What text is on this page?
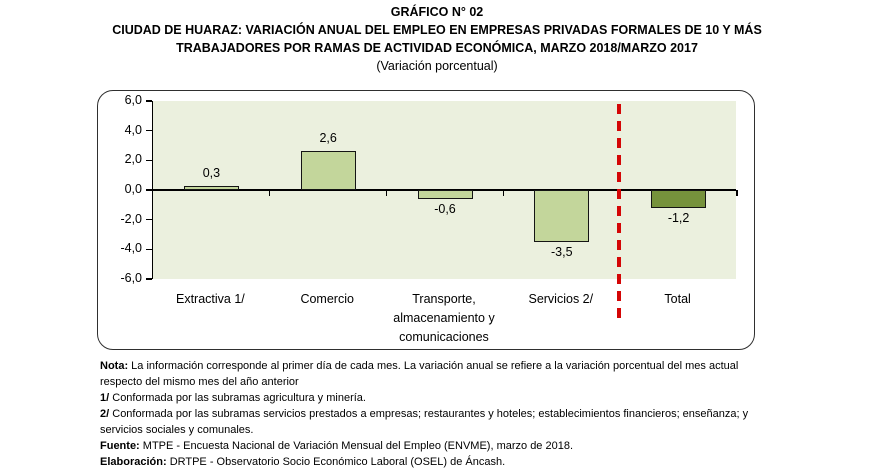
GRÁFICO N° 02
CIUDAD DE HUARAZ: VARIACIÓN ANUAL DEL EMPLEO EN EMPRESAS PRIVADAS FORMALES DE 10 Y MÁS
TRABAJADORES POR RAMAS DE ACTIVIDAD ECONÓMICA, MARZO 2018/MARZO 2017
(Variación porcentual)
0,3
2,6
-0,6
-3,5
-1,2
6,0
4,0
2,0
0,0
-2,0
-4,0
-6,0
Extractiva 1/	Comercio	Transporte, almacenamiento y comunicaciones
Servicios 2/	Total
Nota: La información corresponde al primer día de cada mes. La variación anual se refiere a la variación porcentual del mes actual respecto del mismo mes del año anterior
1/ Conformada por las subramas agricultura y minería.
2/ Conformada por las subramas servicios prestados a empresas; restaurantes y hoteles; establecimientos financieros; enseñanza; y servicios sociales y comunales.
Fuente: MTPE - Encuesta Nacional de Variación Mensual del Empleo (ENVME), marzo de 2018.
Elaboración: DRTPE - Observatorio Socio Económico Laboral (OSEL) de Áncash.
